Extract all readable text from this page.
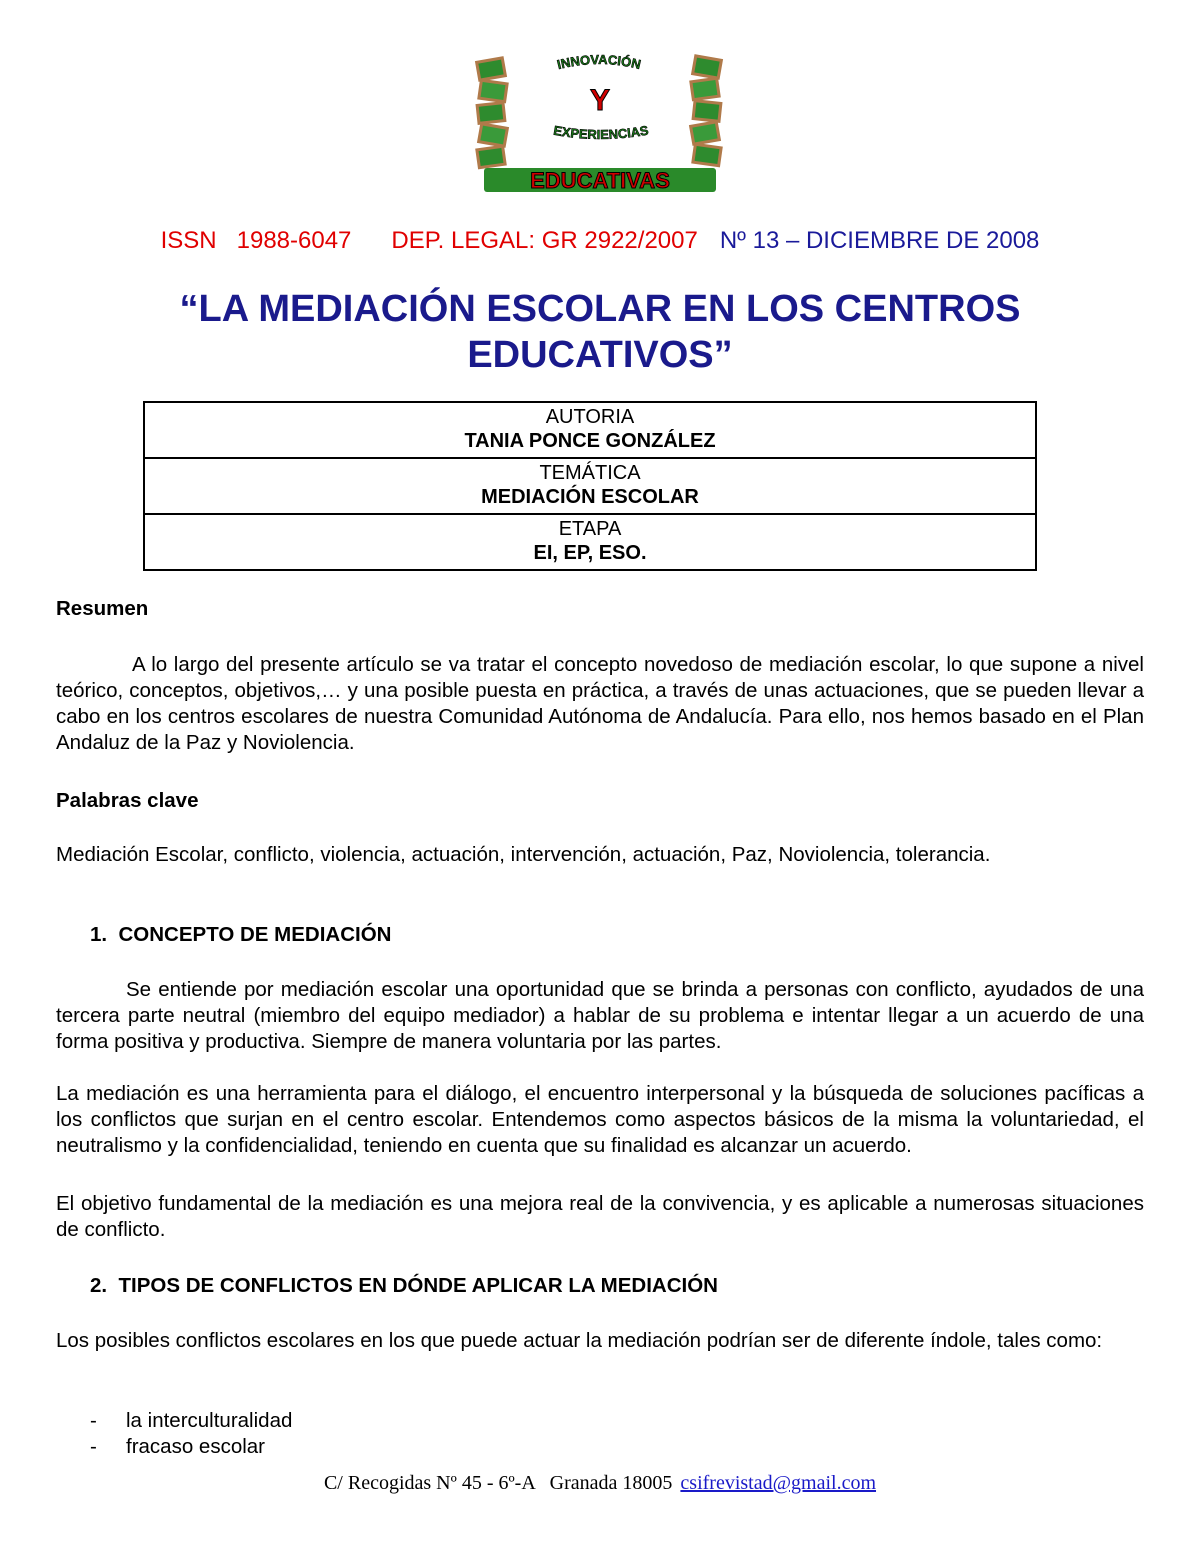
INNOVACIÓN
Y
EXPERIENCIAS
EDUCATIVAS
ISSN   1988-6047 DEP. LEGAL: GR 2922/2007 Nº 13 – DICIEMBRE DE 2008
“LA MEDIACIÓN ESCOLAR EN LOS CENTROS
EDUCATIVOS”
AUTORIA
TANIA PONCE GONZÁLEZ

TEMÁTICA
MEDIACIÓN ESCOLAR

ETAPA
EI, EP, ESO.
Resumen
A lo largo del presente artículo se va tratar el concepto novedoso de mediación escolar, lo que supone a nivel teórico, conceptos, objetivos,… y una posible puesta en práctica, a través de unas actuaciones, que se pueden llevar a cabo en los centros escolares de nuestra Comunidad Autónoma de Andalucía. Para ello, nos hemos basado en el Plan Andaluz de la Paz y Noviolencia.
Palabras clave
Mediación Escolar, conflicto, violencia, actuación, intervención, actuación, Paz, Noviolencia, tolerancia.
1.  CONCEPTO DE MEDIACIÓN
Se entiende por mediación escolar una oportunidad que se brinda a personas con conflicto, ayudados de una tercera parte neutral (miembro del equipo mediador) a hablar de su problema e intentar llegar a un acuerdo de una forma positiva y productiva. Siempre de manera voluntaria por las partes.
La mediación es una herramienta para el diálogo, el encuentro interpersonal y la búsqueda de soluciones pacíficas a los conflictos que surjan en el centro escolar. Entendemos como aspectos básicos de la misma la voluntariedad, el neutralismo y la confidencialidad, teniendo en cuenta que su finalidad es alcanzar un acuerdo.
El objetivo fundamental de la mediación es una mejora real de la convivencia, y es aplicable a numerosas situaciones de conflicto.
2.  TIPOS DE CONFLICTOS EN DÓNDE APLICAR LA MEDIACIÓN
Los posibles conflictos escolares en los que puede actuar la mediación podrían ser de diferente índole, tales como:
- la interculturalidad
- fracaso escolar
C/ Recogidas Nº 45 - 6º-A   Granada 18005 csifrevistad@gmail.com
